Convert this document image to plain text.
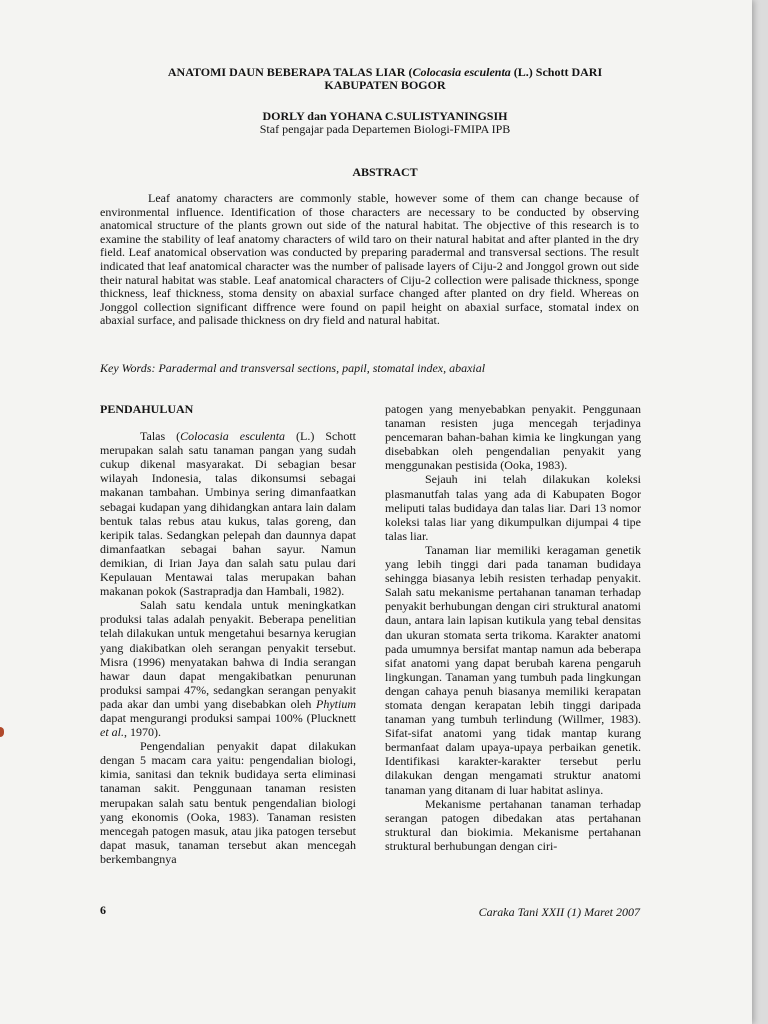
ANATOMI DAUN BEBERAPA TALAS LIAR (Colocasia esculenta (L.) Schott DARI KABUPATEN BOGOR
DORLY dan YOHANA C.SULISTYANINGSIH
Staf pengajar pada Departemen Biologi-FMIPA IPB
ABSTRACT

Leaf anatomy characters are commonly stable, however some of them can change because of environmental influence. Identification of those characters are necessary to be conducted by observing anatomical structure of the plants grown out side of the natural habitat. The objective of this research is to examine the stability of leaf anatomy characters of wild taro on their natural habitat and after planted in the dry field. Leaf anatomical observation was conducted by preparing paradermal and transversal sections. The result indicated that leaf anatomical character was the number of palisade layers of Ciju-2 and Jonggol grown out side their natural habitat was stable. Leaf anatomical characters of Ciju-2 collection were palisade thickness, sponge thickness, leaf thickness, stoma density on abaxial surface changed after planted on dry field. Whereas on Jonggol collection significant diffrence were found on papil height on abaxial surface, stomatal index on abaxial surface, and palisade thickness on dry field and natural habitat.

Key Words: Paradermal and transversal sections, papil, stomatal index, abaxial

PENDAHULUAN

Talas (Colocasia esculenta (L.) Schott merupakan salah satu tanaman pangan yang sudah cukup dikenal masyarakat. Di sebagian besar wilayah Indonesia, talas dikonsumsi sebagai makanan tambahan. Umbinya sering dimanfaatkan sebagai kudapan yang dihidangkan antara lain dalam bentuk talas rebus atau kukus, talas goreng, dan keripik talas. Sedangkan pelepah dan daunnya dapat dimanfaatkan sebagai bahan sayur. Namun demikian, di Irian Jaya dan salah satu pulau dari Kepulauan Mentawai talas merupakan bahan makanan pokok (Sastrapradja dan Hambali, 1982).

Salah satu kendala untuk meningkatkan produksi talas adalah penyakit. Beberapa penelitian telah dilakukan untuk mengetahui besarnya kerugian yang diakibatkan oleh serangan penyakit tersebut. Misra (1996) menyatakan bahwa di India serangan hawar daun dapat mengakibatkan penurunan produksi sampai 47%, sedangkan serangan penyakit pada akar dan umbi yang disebabkan oleh Phytium dapat mengurangi produksi sampai 100% (Plucknett et al., 1970).

Pengendalian penyakit dapat dilakukan dengan 5 macam cara yaitu: pengendalian biologi, kimia, sanitasi dan teknik budidaya serta eliminasi tanaman sakit. Penggunaan tanaman resisten merupakan salah satu bentuk pengendalian biologi yang ekonomis (Ooka, 1983). Tanaman resisten mencegah patogen masuk, atau jika patogen tersebut dapat masuk, tanaman tersebut akan mencegah berkembangnya

patogen yang menyebabkan penyakit. Penggunaan tanaman resisten juga mencegah terjadinya pencemaran bahan-bahan kimia ke lingkungan yang disebabkan oleh pengendalian penyakit yang menggunakan pestisida (Ooka, 1983).

Sejauh ini telah dilakukan koleksi plasmanutfah talas yang ada di Kabupaten Bogor meliputi talas budidaya dan talas liar. Dari 13 nomor koleksi talas liar yang dikumpulkan dijumpai 4 tipe talas liar.

Tanaman liar memiliki keragaman genetik yang lebih tinggi dari pada tanaman budidaya sehingga biasanya lebih resisten terhadap penyakit. Salah satu mekanisme pertahanan tanaman terhadap penyakit berhubungan dengan ciri struktural anatomi daun, antara lain lapisan kutikula yang tebal densitas dan ukuran stomata serta trikoma. Karakter anatomi pada umumnya bersifat mantap namun ada beberapa sifat anatomi yang dapat berubah karena pengaruh lingkungan. Tanaman yang tumbuh pada lingkungan dengan cahaya penuh biasanya memiliki kerapatan stomata dengan kerapatan lebih tinggi daripada tanaman yang tumbuh terlindung (Willmer, 1983). Sifat-sifat anatomi yang tidak mantap kurang bermanfaat dalam upaya-upaya perbaikan genetik. Identifikasi karakter-karakter tersebut perlu dilakukan dengan mengamati struktur anatomi tanaman yang ditanam di luar habitat aslinya.

Mekanisme pertahanan tanaman terhadap serangan patogen dibedakan atas pertahanan struktural dan biokimia. Mekanisme pertahanan struktural berhubungan dengan ciri-

6	Caraka Tani XXII (1) Maret 2007
